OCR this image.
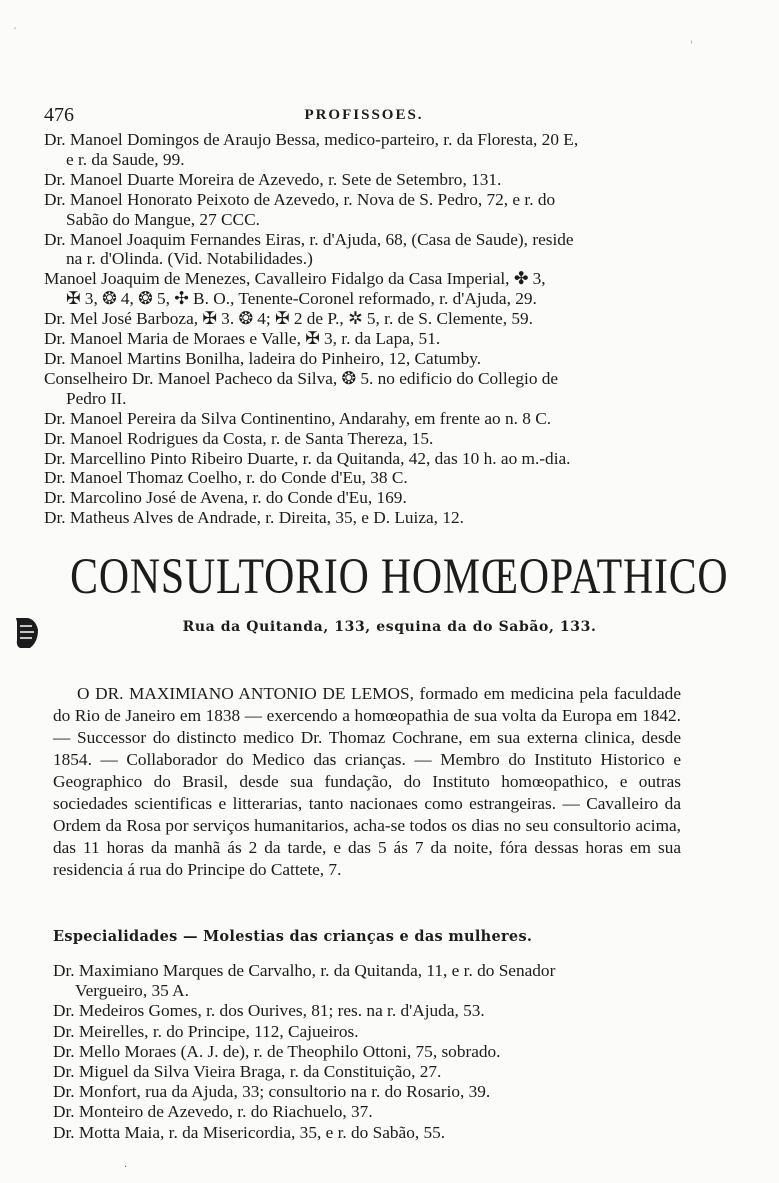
´
'
476	PROFISSOES.
Dr. Manoel Domingos de Araujo Bessa, medico-parteiro, r. da Floresta, 20 E,
e r. da Saude, 99.
Dr. Manoel Duarte Moreira de Azevedo, r. Sete de Setembro, 131.
Dr. Manoel Honorato Peixoto de Azevedo, r. Nova de S. Pedro, 72, e r. do
Sabão do Mangue, 27 CCC.
Dr. Manoel Joaquim Fernandes Eiras, r. d'Ajuda, 68, (Casa de Saude), reside
na r. d'Olinda. (Vid. Notabilidades.)
Manoel Joaquim de Menezes, Cavalleiro Fidalgo da Casa Imperial, ✤ 3,
✠ 3, ❂ 4, ❂ 5, ✣ B. O., Tenente-Coronel reformado, r. d'Ajuda, 29.
Dr. Mel José Barboza, ✠ 3. ❂ 4; ✠ 2 de P., ✲ 5, r. de S. Clemente, 59.
Dr. Manoel Maria de Moraes e Valle, ✠ 3, r. da Lapa, 51.
Dr. Manoel Martins Bonilha, ladeira do Pinheiro, 12, Catumby.
Conselheiro Dr. Manoel Pacheco da Silva, ❂ 5. no edificio do Collegio de
Pedro II.
Dr. Manoel Pereira da Silva Continentino, Andarahy, em frente ao n. 8 C.
Dr. Manoel Rodrigues da Costa, r. de Santa Thereza, 15.
Dr. Marcellino Pinto Ribeiro Duarte, r. da Quitanda, 42, das 10 h. ao m.-dia.
Dr. Manoel Thomaz Coelho, r. do Conde d'Eu, 38 C.
Dr. Marcolino José de Avena, r. do Conde d'Eu, 169.
Dr. Matheus Alves de Andrade, r. Direita, 35, e D. Luiza, 12.
CONSULTORIO HOMŒOPATHICO
Rua da Quitanda, 133, esquina da do Sabão, 133.
O DR. MAXIMIANO ANTONIO DE LEMOS, formado em medicina pela faculdade do Rio de Janeiro em 1838 — exercendo a homœopathia de sua volta da Europa em 1842. — Successor do distincto medico Dr. Thomaz Cochrane, em sua externa clinica, desde 1854. — Collaborador do Medico das crianças. — Membro do Instituto Historico e Geographico do Brasil, desde sua fundação, do Instituto homœopathico, e outras sociedades scientificas e litterarias, tanto nacionaes como estrangeiras. — Cavalleiro da Ordem da Rosa por serviços humanitarios, acha-se todos os dias no seu consultorio acima, das 11 horas da manhã ás 2 da tarde, e das 5 ás 7 da noite, fóra dessas horas em sua residencia á rua do Principe do Cattete, 7.
Especialidades — Molestias das crianças e das mulheres.
Dr. Maximiano Marques de Carvalho, r. da Quitanda, 11, e r. do Senador
Vergueiro, 35 A.
Dr. Medeiros Gomes, r. dos Ourives, 81; res. na r. d'Ajuda, 53.
Dr. Meirelles, r. do Principe, 112, Cajueiros.
Dr. Mello Moraes (A. J. de), r. de Theophilo Ottoni, 75, sobrado.
Dr. Miguel da Silva Vieira Braga, r. da Constituição, 27.
Dr. Monfort, rua da Ajuda, 33; consultorio na r. do Rosario, 39.
Dr. Monteiro de Azevedo, r. do Riachuelo, 37.
Dr. Motta Maia, r. da Misericordia, 35, e r. do Sabão, 55.
·
